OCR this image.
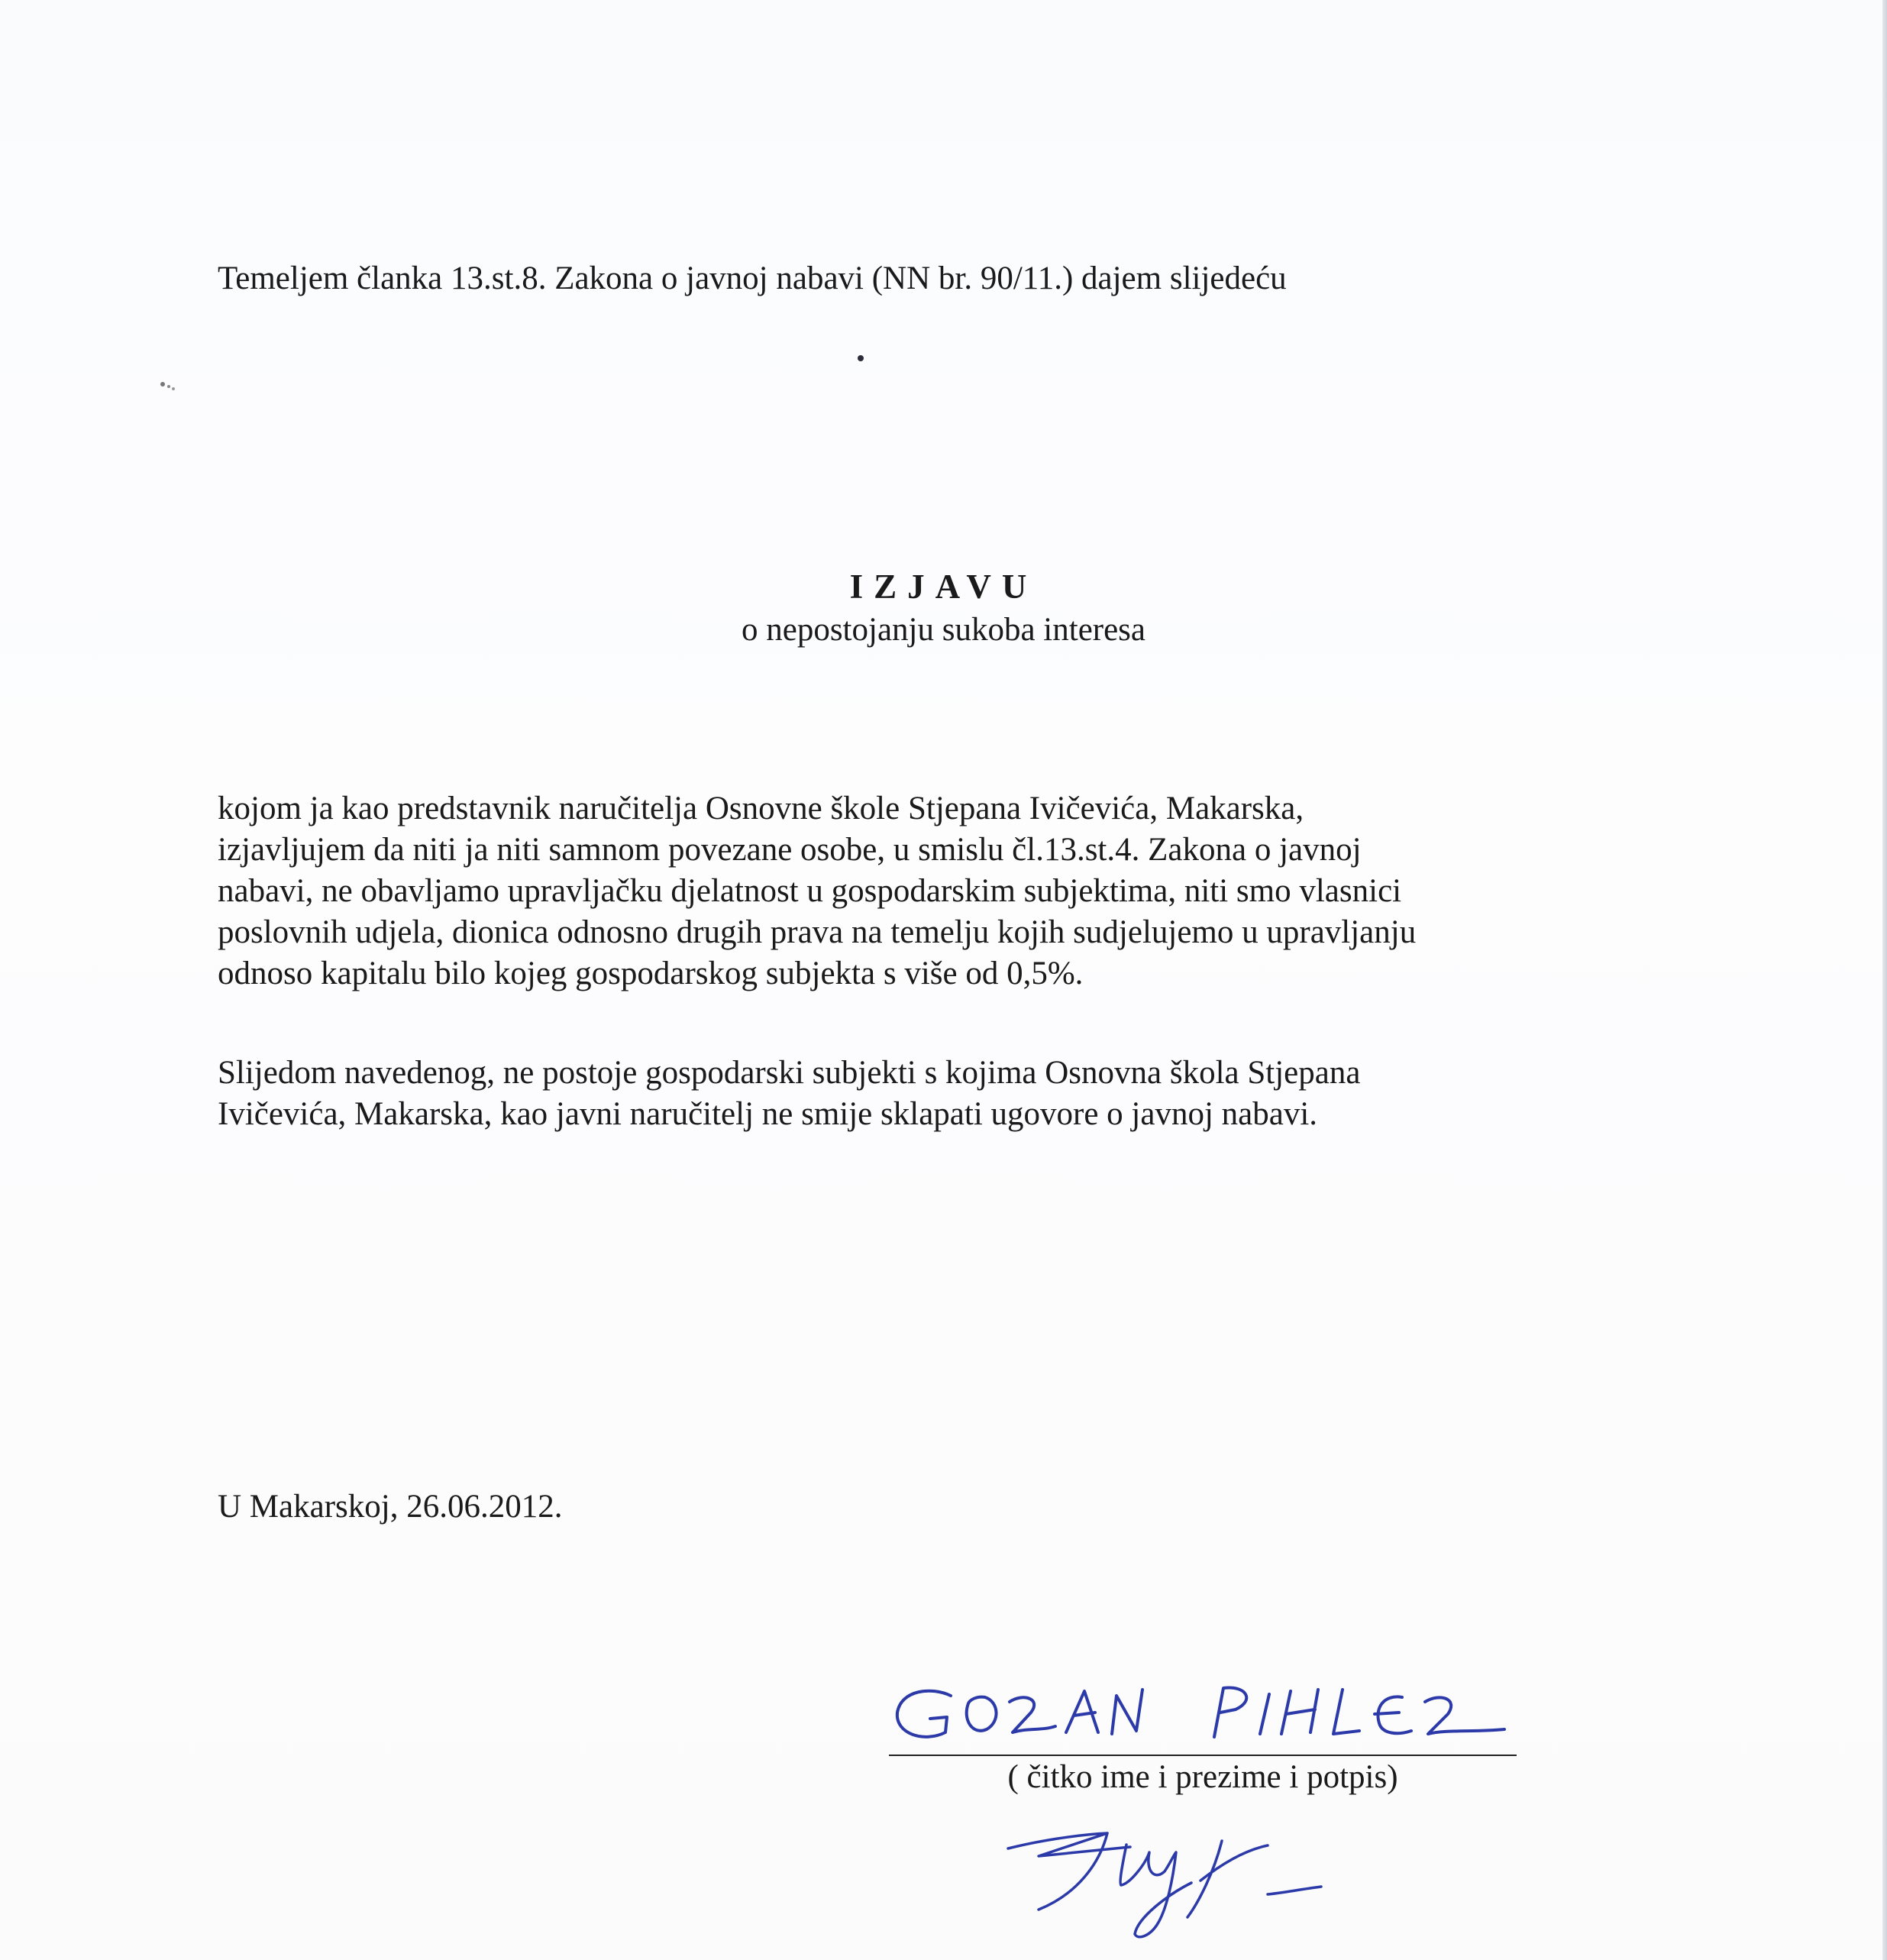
Temeljem članka 13.st.8. Zakona o javnoj nabavi (NN br. 90/11.) dajem slijedeću
IZJAVU
o nepostojanju sukoba interesa
kojom ja kao predstavnik naručitelja Osnovne škole Stjepana Ivičevića, Makarska,
izjavljujem da niti ja niti samnom povezane osobe, u smislu čl.13.st.4. Zakona o javnoj
nabavi, ne obavljamo upravljačku djelatnost u gospodarskim subjektima, niti smo vlasnici
poslovnih udjela, dionica odnosno drugih prava na temelju kojih sudjelujemo u upravljanju
odnoso kapitalu bilo kojeg gospodarskog subjekta s više od 0,5%.
Slijedom navedenog, ne postoje gospodarski subjekti s kojima Osnovna škola Stjepana
Ivičevića, Makarska, kao javni naručitelj ne smije sklapati ugovore o javnoj nabavi.
U Makarskoj, 26.06.2012.
( čitko ime i prezime i potpis)
